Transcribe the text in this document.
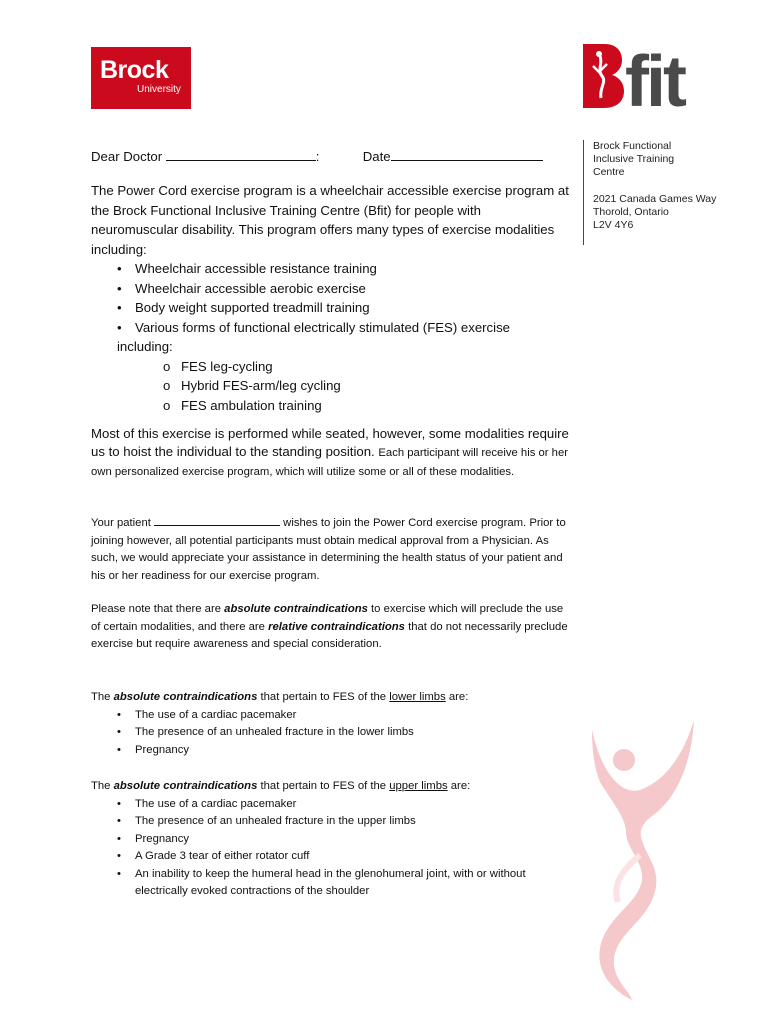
Brock
University	fit
Brock Functional
Inclusive Training
Centre
2021 Canada Games Way
Thorold, Ontario
L2V 4Y6
Dear Doctor	:	Date
The Power Cord exercise program is a wheelchair accessible exercise program at the Brock Functional Inclusive Training Centre (Bfit) for people with neuromuscular disability. This program offers many types of exercise modalities including:
• Wheelchair accessible resistance training
• Wheelchair accessible aerobic exercise
• Body weight supported treadmill training
• Various forms of functional electrically stimulated (FES) exercise
including:
o FES leg-cycling
o Hybrid FES-arm/leg cycling
o FES ambulation training
Most of this exercise is performed while seated, however, some modalities require us to hoist the individual to the standing position. Each participant will receive his or her own personalized exercise program, which will utilize some or all of these modalities.
Your patient	wishes to join the Power Cord exercise program. Prior to joining however, all potential participants must obtain medical approval from a Physician. As such, we would appreciate your assistance in determining the health status of your patient and his or her readiness for our exercise program.
Please note that there are absolute contraindications to exercise which will preclude the use of certain modalities, and there are relative contraindications that do not necessarily preclude exercise but require awareness and special consideration.
The absolute contraindications that pertain to FES of the lower limbs are:
• The use of a cardiac pacemaker
• The presence of an unhealed fracture in the lower limbs
• Pregnancy
The absolute contraindications that pertain to FES of the upper limbs are:
• The use of a cardiac pacemaker
• The presence of an unhealed fracture in the upper limbs
• Pregnancy
• A Grade 3 tear of either rotator cuff
• An inability to keep the humeral head in the glenohumeral joint, with or without electrically evoked contractions of the shoulder
